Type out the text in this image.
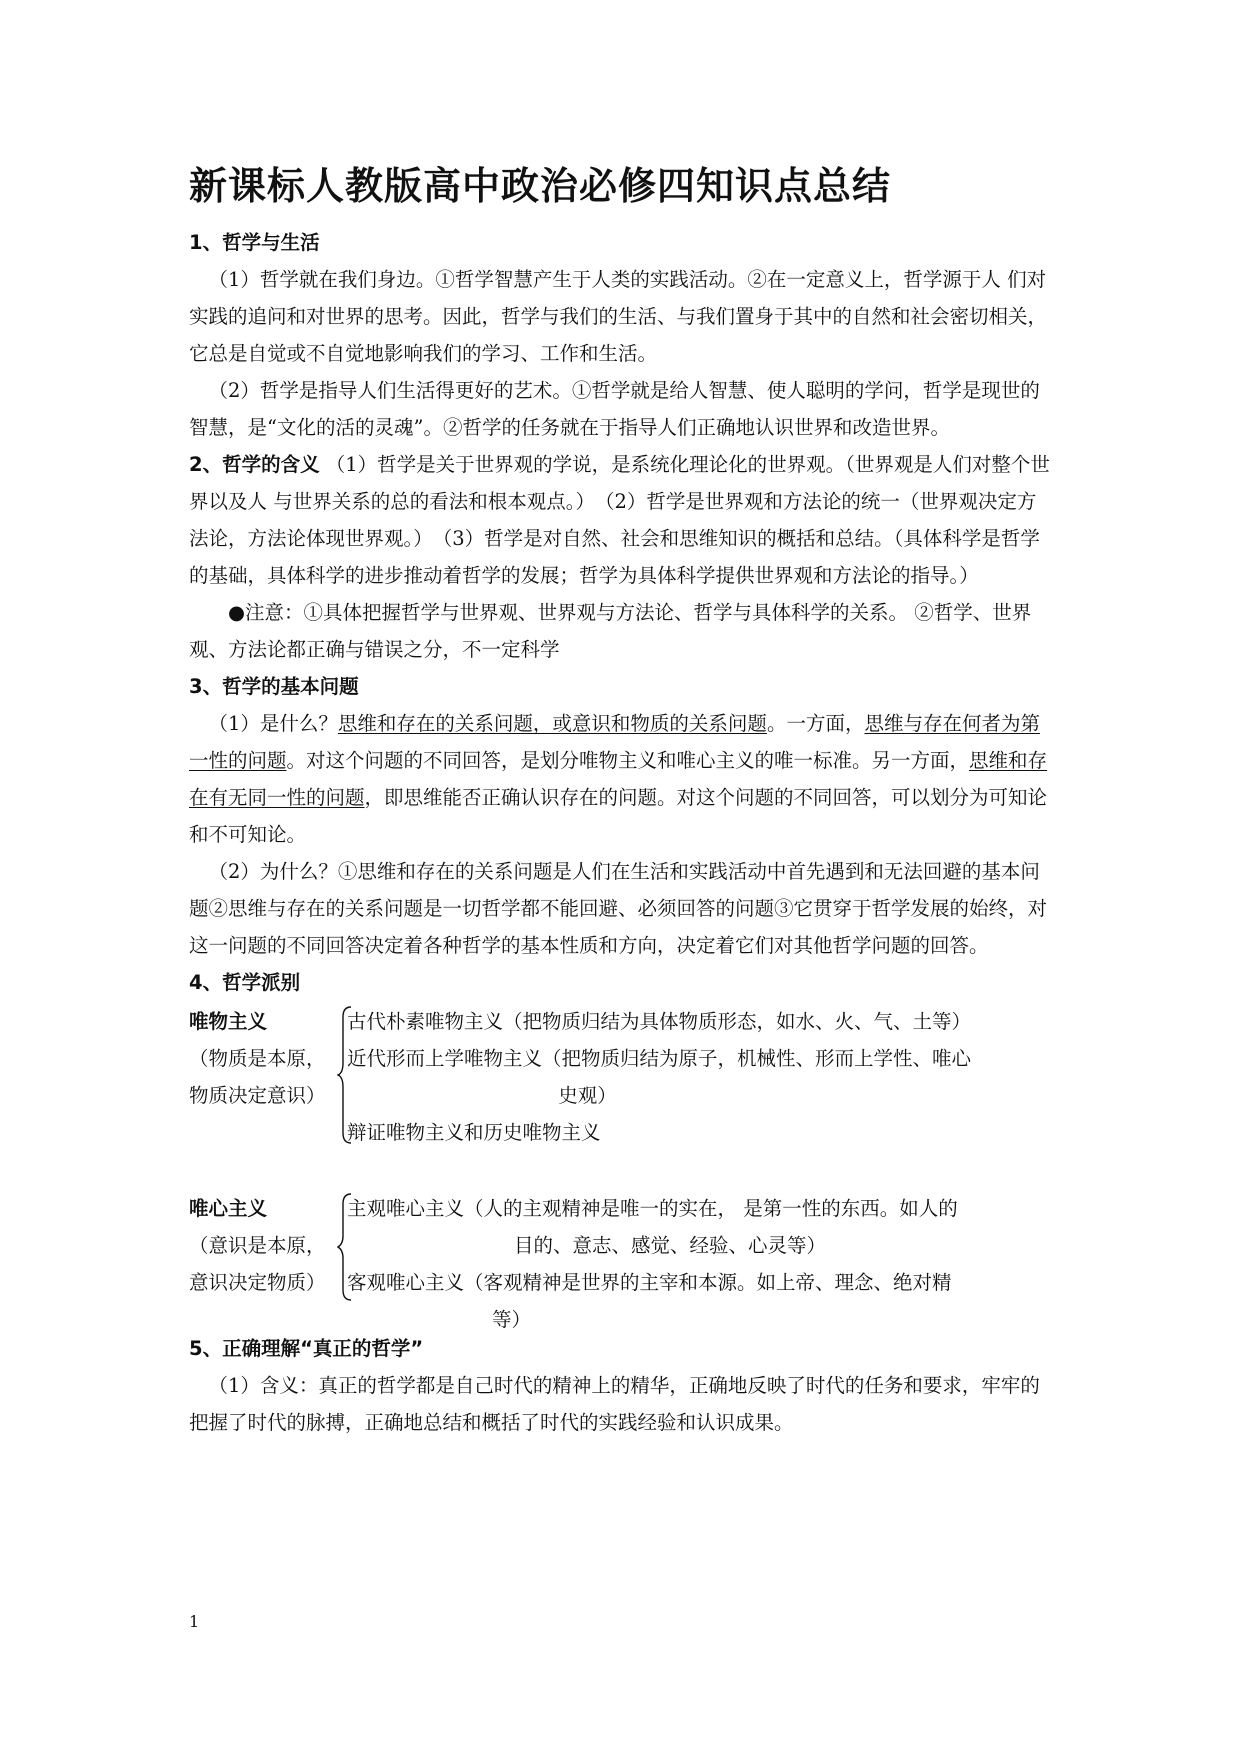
新课标人教版高中政治必修四知识点总结
1、哲学与生活

（1）哲学就在我们身边。①哲学智慧产生于人类的实践活动。②在一定意义上，哲学源于人 们对实践的追问和对世界的思考。因此，哲学与我们的生活、与我们置身于其中的自然和社会密切相关，它总是自觉或不自觉地影响我们的学习、工作和生活。

（2）哲学是指导人们生活得更好的艺术。①哲学就是给人智慧、使人聪明的学问，哲学是现世的智慧，是“文化的活的灵魂”。②哲学的任务就在于指导人们正确地认识世界和改造世界。

2、哲学的含义 （1）哲学是关于世界观的学说，是系统化理论化的世界观。（世界观是人们对整个世界以及人 与世界关系的总的看法和根本观点。）　（2）哲学是世界观和方法论的统一（世界观决定方法论，方法论体现世界观。）　（3）哲学是对自然、社会和思维知识的概括和总结。（具体科学是哲学的基础，具体科学的进步推动着哲学的发展；哲学为具体科学提供世界观和方法论的指导。）

●注意：①具体把握哲学与世界观、世界观与方法论、哲学与具体科学的关系。 ②哲学、世界观、方法论都正确与错误之分，不一定科学

3、哲学的基本问题

（1）是什么？思维和存在的关系问题，或意识和物质的关系问题。一方面，思维与存在何者为第一性的问题。对这个问题的不同回答，是划分唯物主义和唯心主义的唯一标准。另一方面，思维和存在有无同一性的问题，即思维能否正确认识存在的问题。对这个问题的不同回答，可以划分为可知论和不可知论。

（2）为什么？①思维和存在的关系问题是人们在生活和实践活动中首先遇到和无法回避的基本问题②思维与存在的关系问题是一切哲学都不能回避、必须回答的问题③它贯穿于哲学发展的始终，对这一问题的不同回答决定着各种哲学的基本性质和方向，决定着它们对其他哲学问题的回答。

4、哲学派别
唯物主义
（物质是本原，
物质决定意识）
古代朴素唯物主义（把物质归结为具体物质形态，如水、火、气、土等）
近代形而上学唯物主义（把物质归结为原子，机械性、形而上学性、唯心
史观）
辩证唯物主义和历史唯物主义
唯心主义
（意识是本原，
意识决定物质）
主观唯心主义（人的主观精神是唯一的实在， 是第一性的东西。如人的
目的、意志、感觉、经验、心灵等）
客观唯心主义（客观精神是世界的主宰和本源。如上帝、理念、绝对精
等）
5、正确理解“真正的哲学”

（1）含义：真正的哲学都是自己时代的精神上的精华，正确地反映了时代的任务和要求，牢牢的把握了时代的脉搏，正确地总结和概括了时代的实践经验和认识成果。

1
